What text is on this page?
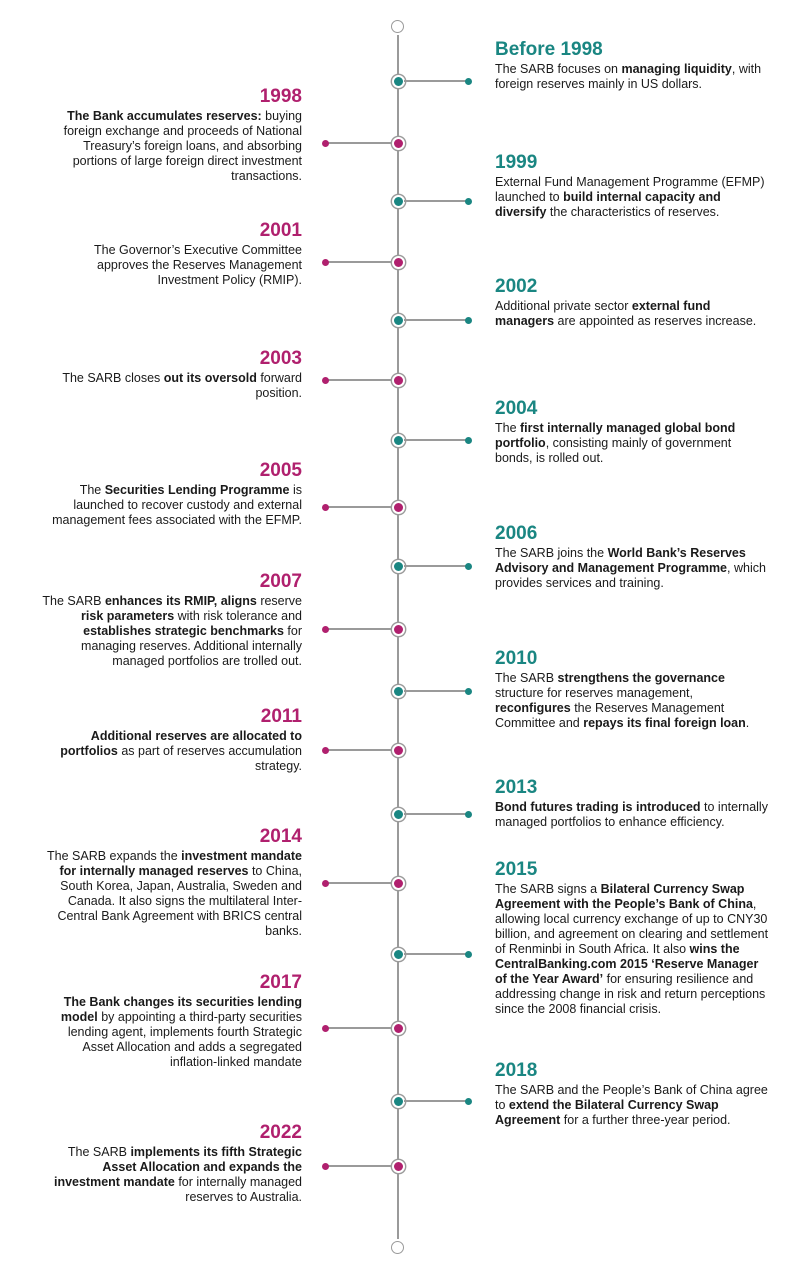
Before 1998
The SARB focuses on managing liquidity, with foreign reserves mainly in US dollars.
1998
The Bank accumulates reserves: buying foreign exchange and proceeds of National Treasury’s foreign loans, and absorbing portions of large foreign direct investment transactions.
1999
External Fund Management Programme (EFMP) launched to build internal capacity and diversify the characteristics of reserves.
2001
The Governor’s Executive Committee approves the Reserves Management Investment Policy (RMIP).	2002
Additional private sector external fund managers are appointed as reserves increase.
2003
The SARB closes out its oversold forward position.
2004
The first internally managed global bond portfolio, consisting mainly of government bonds, is rolled out.
2005
The Securities Lending Programme is launched to recover custody and external management fees associated with the EFMP.
2006
The SARB joins the World Bank’s Reserves Advisory and Management Programme, which provides services and training.
2007
The SARB enhances its RMIP, aligns reserve risk parameters with risk tolerance and establishes strategic benchmarks for managing reserves. Additional internally managed portfolios are trolled out.	2010
The SARB strengthens the governance structure for reserves management, reconfigures the Reserves Management Committee and repays its final foreign loan.
2011
Additional reserves are allocated to portfolios as part of reserves accumulation strategy.
2013
Bond futures trading is introduced to internally managed portfolios to enhance efficiency.
2014
The SARB expands the investment mandate for internally managed reserves to China, South Korea, Japan, Australia, Sweden and Canada. It also signs the multilateral Inter-Central Bank Agreement with BRICS central banks.
2015
The SARB signs a Bilateral Currency Swap Agreement with the People’s Bank of China, allowing local currency exchange of up to CNY30 billion, and agreement on clearing and settlement of Renminbi in South Africa. It also wins the CentralBanking.com 2015 ‘Reserve Manager of the Year Award’ for ensuring resilience and addressing change in risk and return perceptions since the 2008 financial crisis.
2017
The Bank changes its securities lending model by appointing a third-party securities lending agent, implements fourth Strategic Asset Allocation and adds a segregated inflation-linked mandate	2018
The SARB and the People’s Bank of China agree to extend the Bilateral Currency Swap Agreement for a further three-year period.
2022
The SARB implements its fifth Strategic Asset Allocation and expands the investment mandate for internally managed reserves to Australia.
